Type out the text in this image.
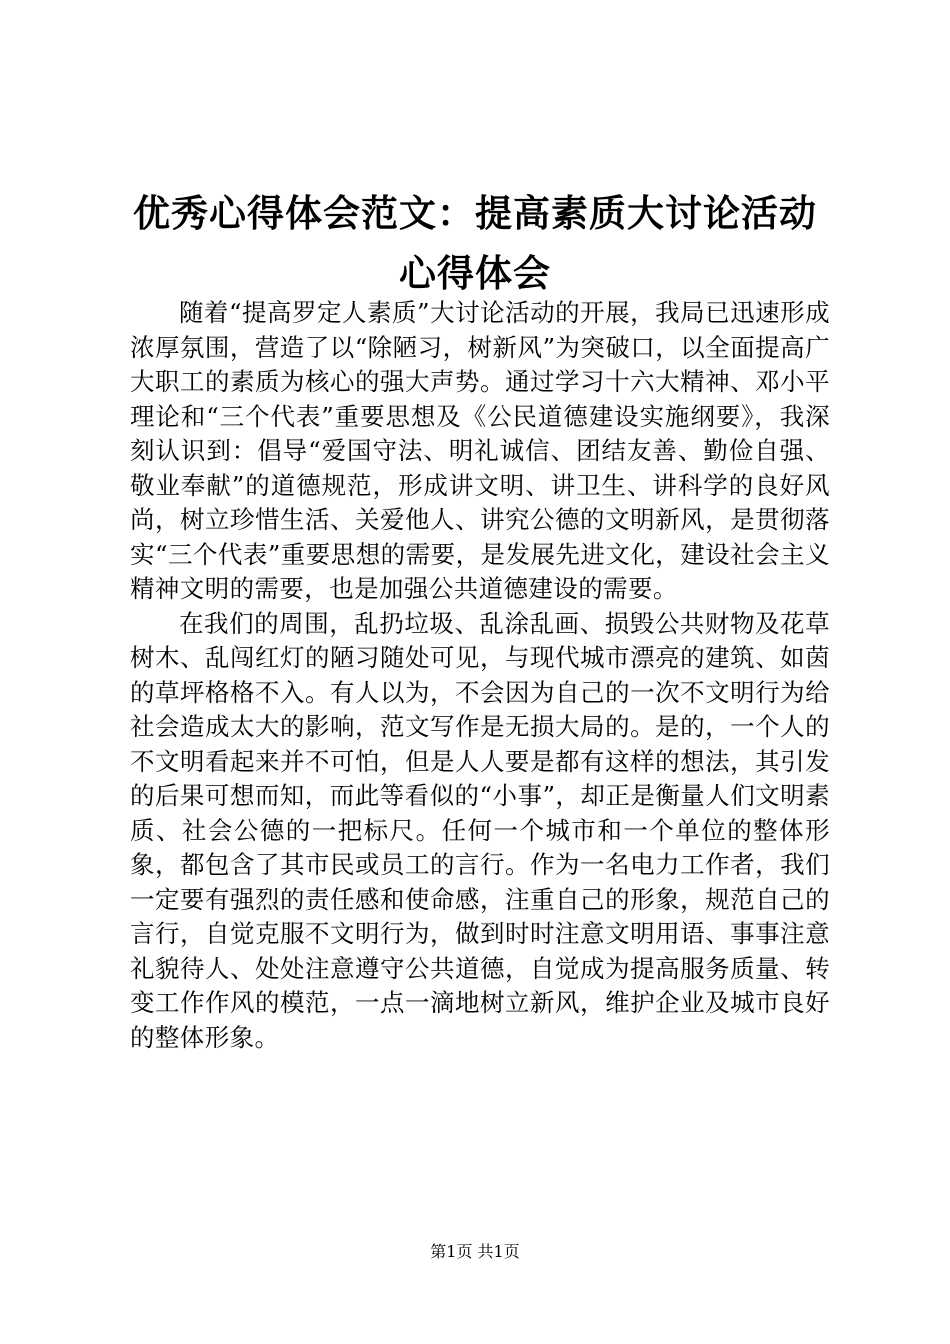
优秀心得体会范文：提高素质大讨论活动心得体会

随着“提高罗定人素质”大讨论活动的开展，我局已迅速形成浓厚氛围，营造了以“除陋习，树新风”为突破口，以全面提高广大职工的素质为核心的强大声势。通过学习十六大精神、邓小平理论和“三个代表”重要思想及《公民道德建设实施纲要》，我深刻认识到：倡导“爱国守法、明礼诚信、团结友善、勤俭自强、敬业奉献”的道德规范，形成讲文明、讲卫生、讲科学的良好风尚，树立珍惜生活、关爱他人、讲究公德的文明新风，是贯彻落实“三个代表”重要思想的需要，是发展先进文化，建设社会主义精神文明的需要，也是加强公共道德建设的需要。

在我们的周围，乱扔垃圾、乱涂乱画、损毁公共财物及花草树木、乱闯红灯的陋习随处可见，与现代城市漂亮的建筑、如茵的草坪格格不入。有人以为，不会因为自己的一次不文明行为给社会造成太大的影响，范文写作是无损大局的。是的，一个人的不文明看起来并不可怕，但是人人要是都有这样的想法，其引发的后果可想而知，而此等看似的“小事”，却正是衡量人们文明素质、社会公德的一把标尺。任何一个城市和一个单位的整体形象，都包含了其市民或员工的言行。作为一名电力工作者，我们一定要有强烈的责任感和使命感，注重自己的形象，规范自己的言行，自觉克服不文明行为，做到时时注意文明用语、事事注意礼貌待人、处处注意遵守公共道德，自觉成为提高服务质量、转变工作作风的模范，一点一滴地树立新风，维护企业及城市良好的整体形象。

第1页 共1页
